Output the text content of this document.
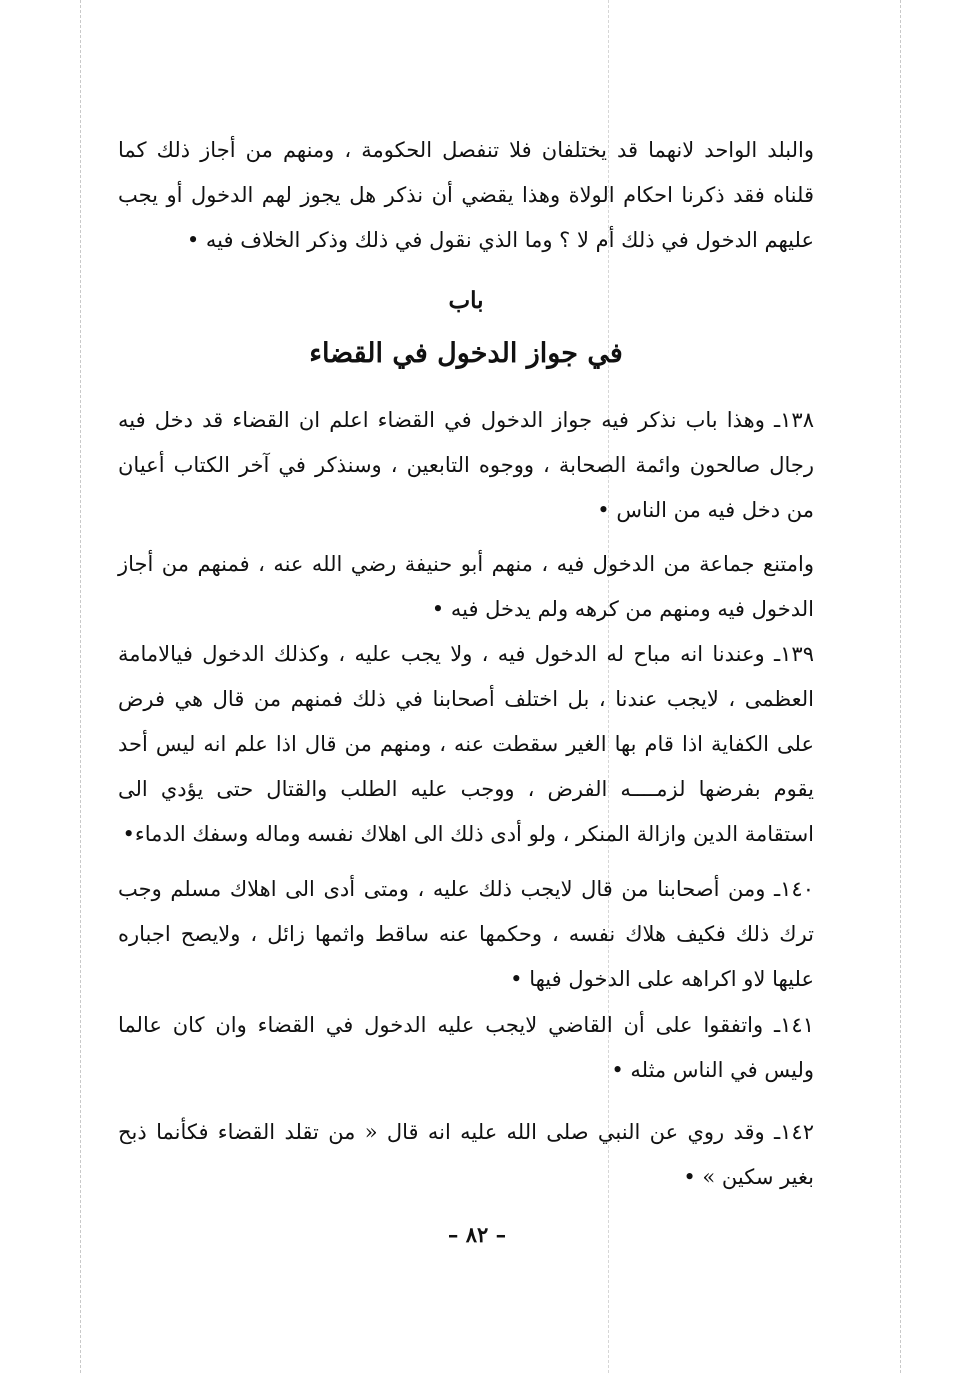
والبلد الواحد لانهما قد يختلفان فلا تنفصل الحكومة ، ومنهم من أجاز ذلك كما قلناه فقد ذكرنا احكام الولاة وهذا يقضي أن نذكر هل يجوز لهم الدخول أو يجب عليهم الدخول في ذلك أم لا ؟ وما الذي نقول في ذلك وذكر الخلاف فيه •

باب
في جواز الدخول في القضاء

١٣٨ـ وهذا باب نذكر فيه جواز الدخول في القضاء اعلم ان القضاء قد دخل فيه رجال صالحون وائمة الصحابة ، ووجوه التابعين ، وسنذكر في آخر الكتاب أعيان من دخل فيه من الناس •

وامتنع جماعة من الدخول فيه ، منهم أبو حنيفة رضي الله عنه ، فمنهم من أجاز الدخول فيه ومنهم من كرهه ولم يدخل فيه •

١٣٩ـ وعندنا انه مباح له الدخول فيه ، ولا يجب عليه ، وكذلك الدخول فيالامامة العظمى ، لايجب عندنا ، بل اختلف أصحابنا في ذلك فمنهم من قال هي فرض على الكفاية اذا قام بها الغير سقطت عنه ، ومنهم من قال اذا علم انه ليس أحد يقوم بفرضها لزمــــه الفرض ، ووجب عليه الطلب والقتال حتى يؤدي الى استقامة الدين وازالة المنكر ، ولو أدى ذلك الى اهلاك نفسه وماله وسفك الدماء•

١٤٠ـ ومن أصحابنا من قال لايجب ذلك عليه ، ومتى أدى الى اهلاك مسلم وجب ترك ذلك فكيف هلاك نفسه ، وحكمها عنه ساقط واثمها زائل ، ولايصح اجباره عليها لاو اكراهه على الدخول فيها •

١٤١ـ واتفقوا على أن القاضي لايجب عليه الدخول في القضاء وان كان عالما وليس في الناس مثله •

١٤٢ـ وقد روي عن النبي صلى الله عليه انه قال « من تقلد القضاء فكأنما ذبح بغير سكين » •

– ٨٢ –
